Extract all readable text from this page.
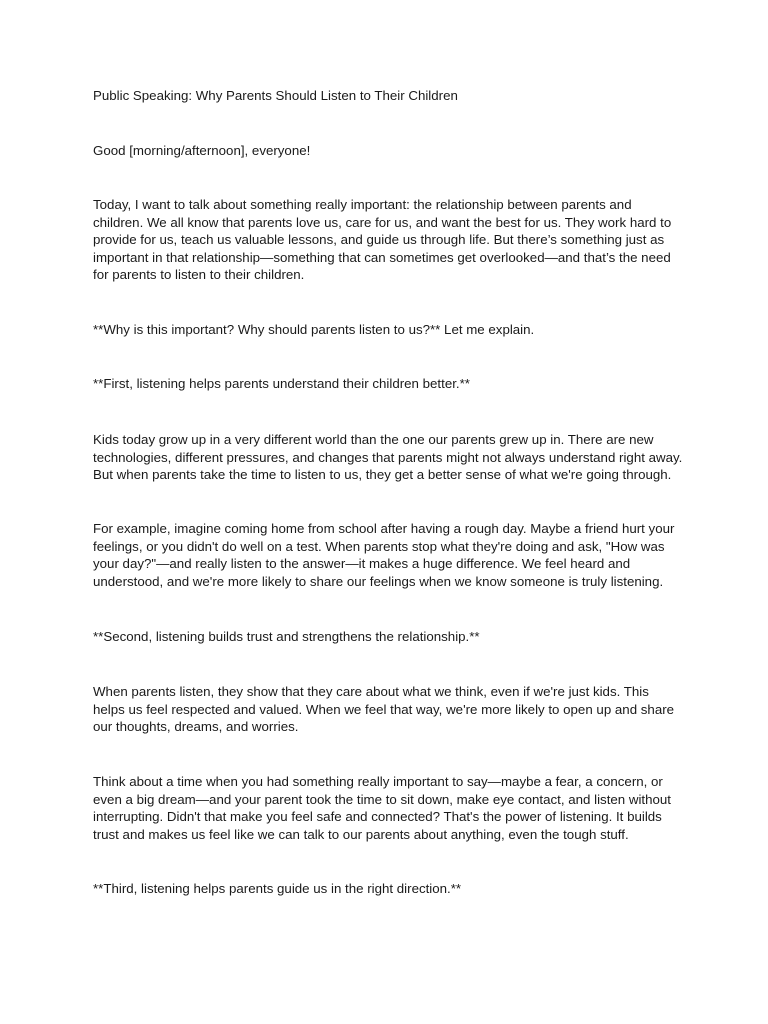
Public Speaking: Why Parents Should Listen to Their Children

Good [morning/afternoon], everyone!

Today, I want to talk about something really important: the relationship between parents and children. We all know that parents love us, care for us, and want the best for us. They work hard to provide for us, teach us valuable lessons, and guide us through life. But there’s something just as important in that relationship—something that can sometimes get overlooked—and that’s the need for parents to listen to their children.

**Why is this important? Why should parents listen to us?** Let me explain.

**First, listening helps parents understand their children better.**

Kids today grow up in a very different world than the one our parents grew up in. There are new technologies, different pressures, and changes that parents might not always understand right away. But when parents take the time to listen to us, they get a better sense of what we're going through.

For example, imagine coming home from school after having a rough day. Maybe a friend hurt your feelings, or you didn't do well on a test. When parents stop what they're doing and ask, "How was your day?"—and really listen to the answer—it makes a huge difference. We feel heard and understood, and we're more likely to share our feelings when we know someone is truly listening.

**Second, listening builds trust and strengthens the relationship.**

When parents listen, they show that they care about what we think, even if we're just kids. This helps us feel respected and valued. When we feel that way, we're more likely to open up and share our thoughts, dreams, and worries.

Think about a time when you had something really important to say—maybe a fear, a concern, or even a big dream—and your parent took the time to sit down, make eye contact, and listen without interrupting. Didn't that make you feel safe and connected? That's the power of listening. It builds trust and makes us feel like we can talk to our parents about anything, even the tough stuff.

**Third, listening helps parents guide us in the right direction.**
